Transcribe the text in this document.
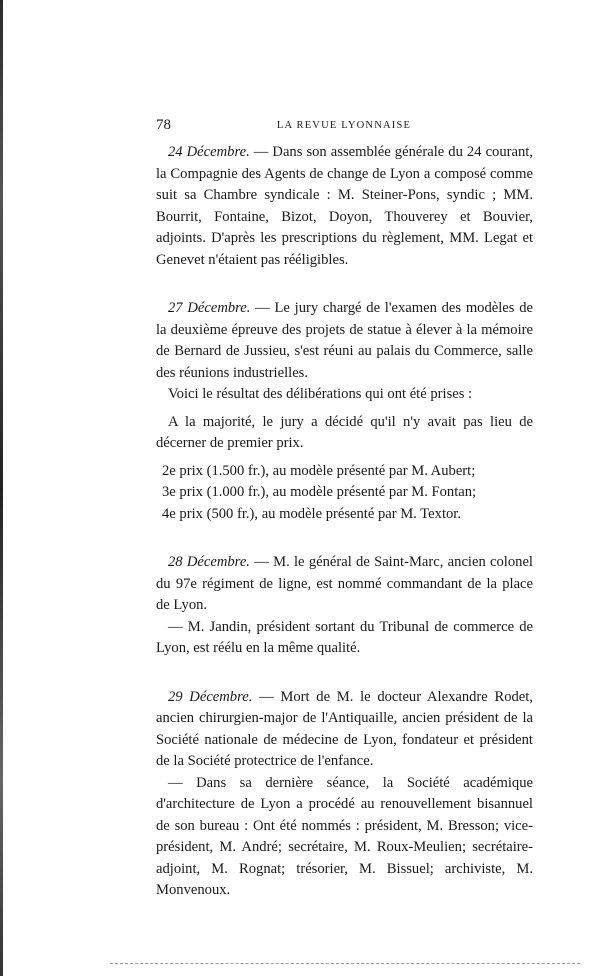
78	LA REVUE LYONNAISE

24 Décembre. — Dans son assemblée générale du 24 courant, la Compagnie des Agents de change de Lyon a composé comme suit sa Chambre syndicale : M. Steiner-Pons, syndic ; MM. Bourrit, Fontaine, Bizot, Doyon, Thouverey et Bouvier, adjoints. D'après les prescriptions du règlement, MM. Legat et Genevet n'étaient pas rééligibles.

27 Décembre. — Le jury chargé de l'examen des modèles de la deuxième épreuve des projets de statue à élever à la mémoire de Bernard de Jussieu, s'est réuni au palais du Commerce, salle des réunions industrielles.

Voici le résultat des délibérations qui ont été prises :

A la majorité, le jury a décidé qu'il n'y avait pas lieu de décerner de premier prix.

2e prix (1.500 fr.), au modèle présenté par M. Aubert;

3e prix (1.000 fr.), au modèle présenté par M. Fontan;

4e prix (500 fr.), au modèle présenté par M. Textor.

28 Décembre. — M. le général de Saint-Marc, ancien colonel du 97e régiment de ligne, est nommé commandant de la place de Lyon.

— M. Jandin, président sortant du Tribunal de commerce de Lyon, est réélu en la même qualité.

29 Décembre. — Mort de M. le docteur Alexandre Rodet, ancien chirurgien-major de l'Antiquaille, ancien président de la Société nationale de médecine de Lyon, fondateur et président de la Société protectrice de l'enfance.

— Dans sa dernière séance, la Société académique d'architecture de Lyon a procédé au renouvellement bisannuel de son bureau : Ont été nommés : président, M. Bresson; vice-président, M. André; secrétaire, M. Roux-Meulien; secrétaire-adjoint, M. Rognat; trésorier, M. Bissuel; archiviste, M. Monvenoux.
